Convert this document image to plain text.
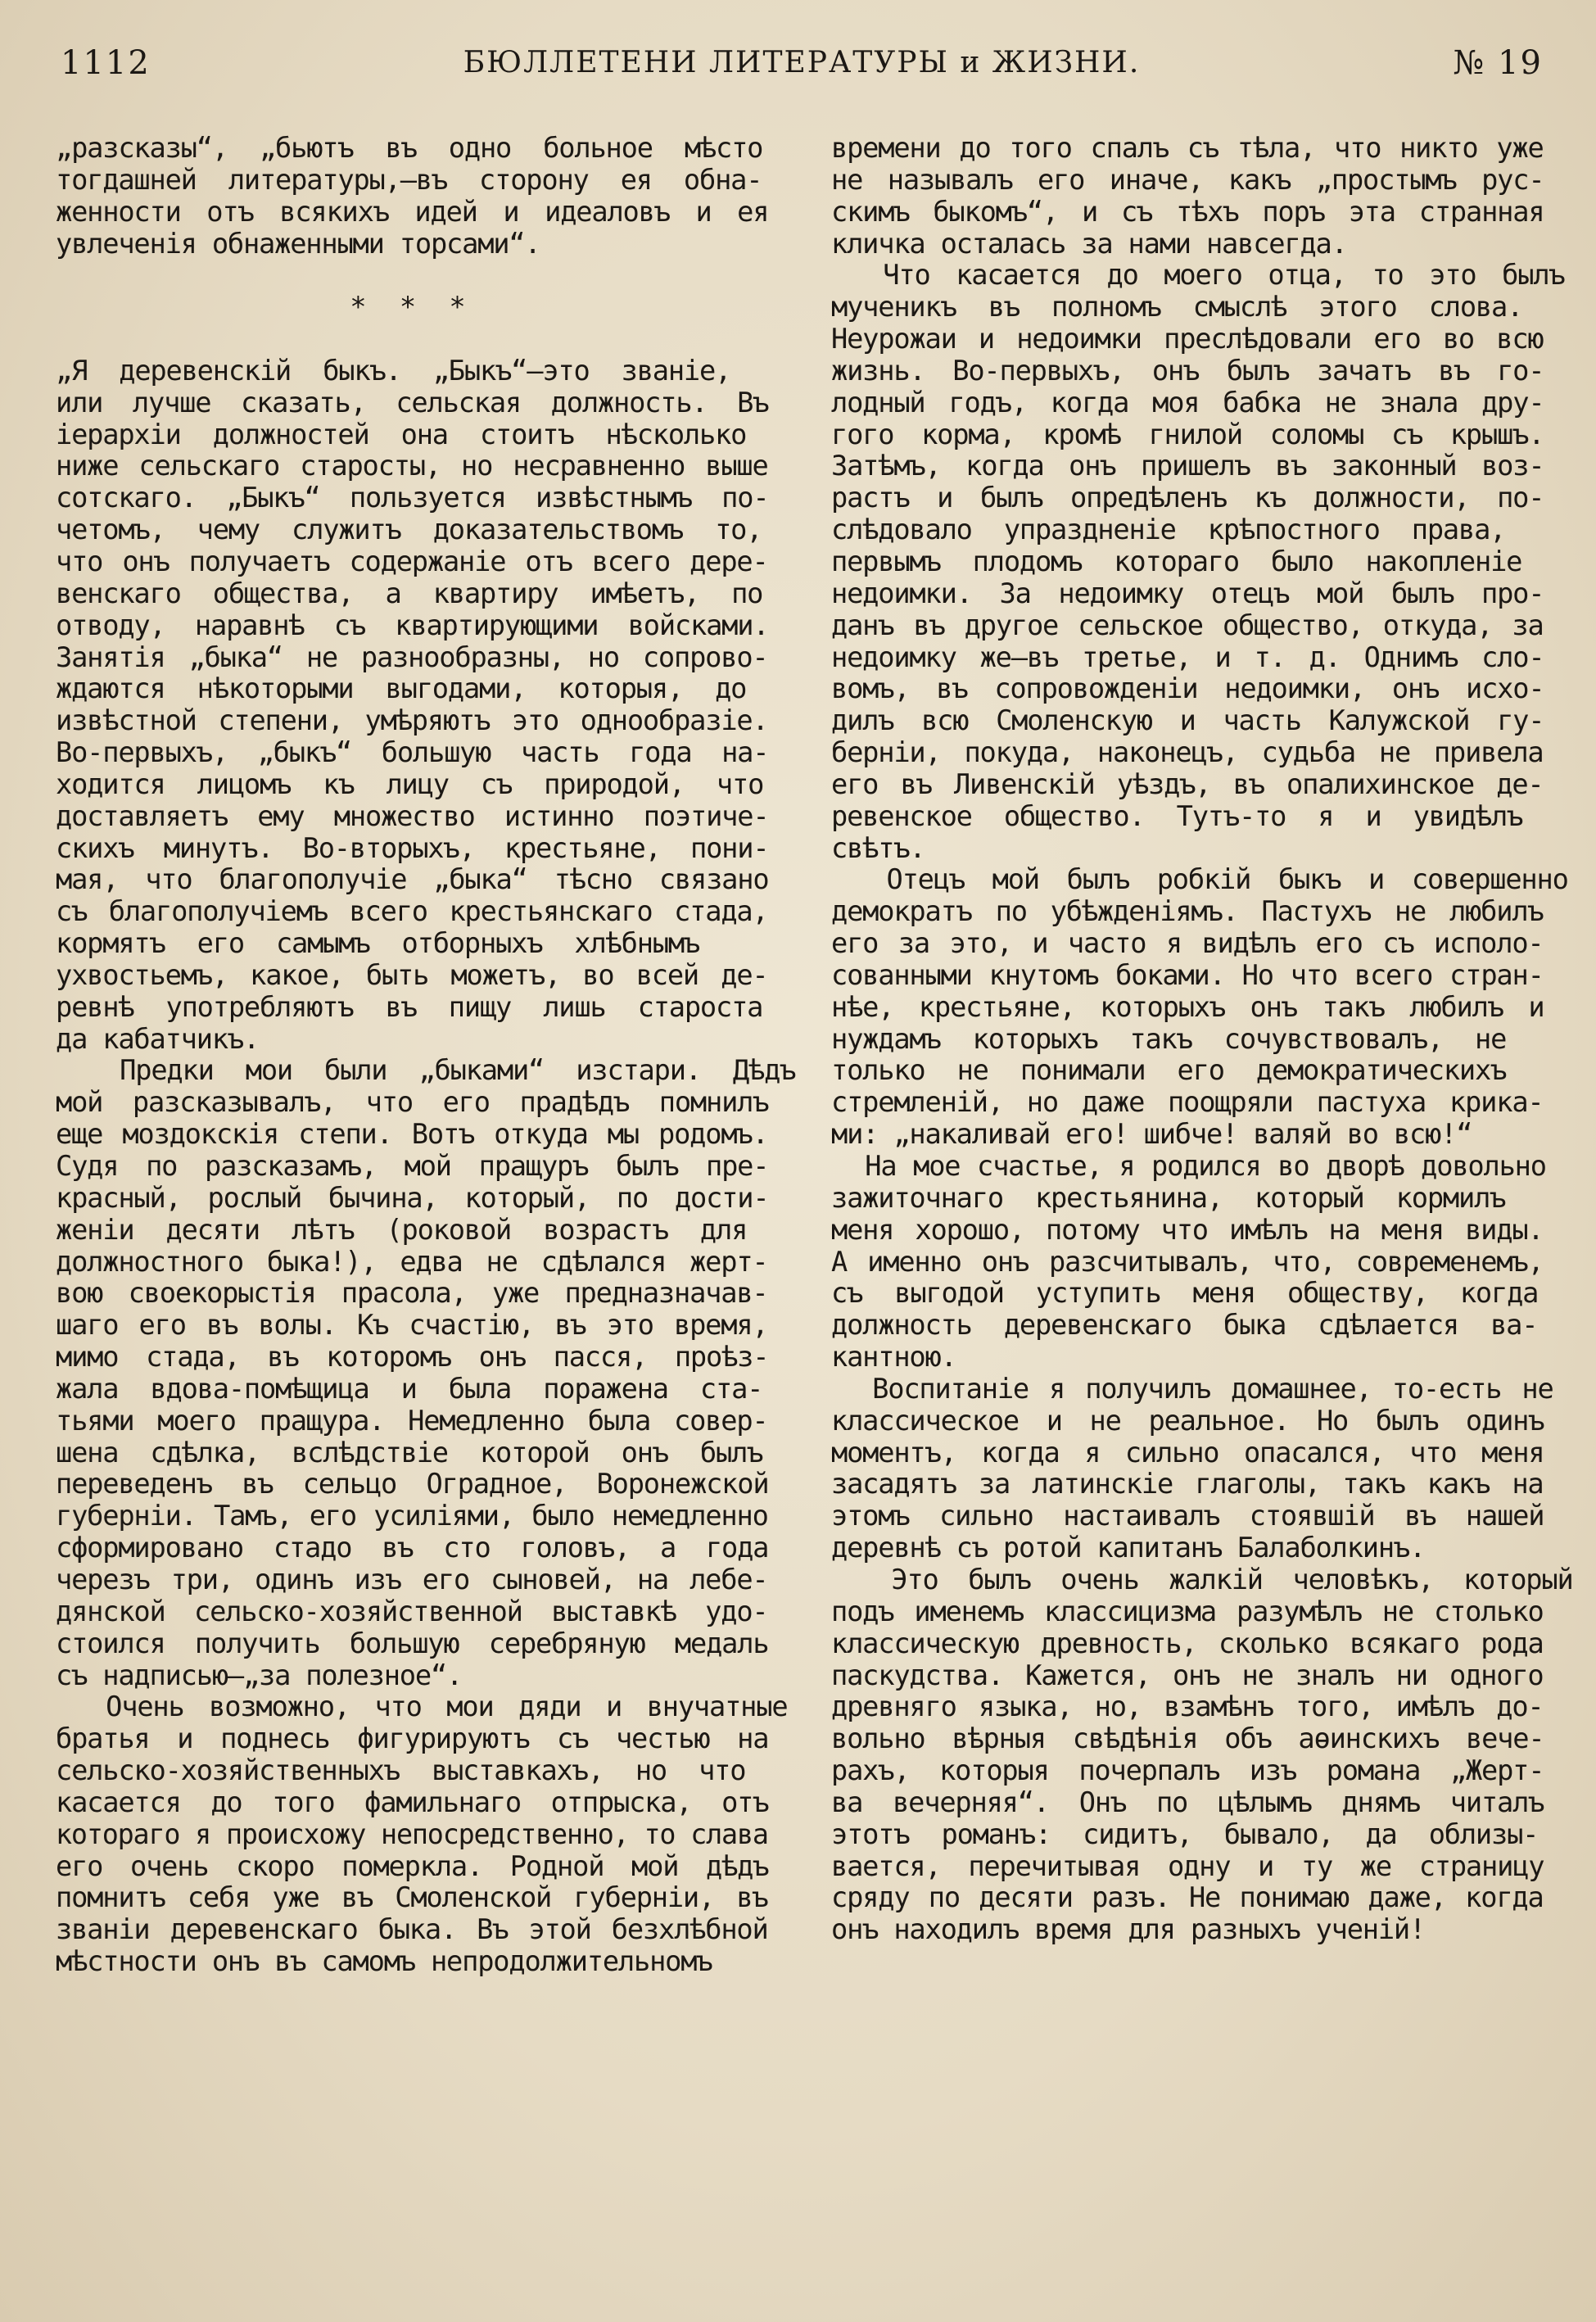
1112	БЮЛЛЕТЕНИ ЛИТЕРАТУРЫ и ЖИЗНИ.	№ 19
„разсказы“, „бьютъ въ одно больное мѣсто
тогдашней литературы,—въ сторону ея обна-
женности отъ всякихъ идей и идеаловъ и ея
увлеченія обнаженными торсами“.
* * *
„Я деревенскій быкъ. „Быкъ“—это званіе,
или лучше сказать, сельская должность. Въ
іерархіи должностей она стоитъ нѣсколько
ниже сельскаго старосты, но несравненно выше
сотскаго. „Быкъ“ пользуется извѣстнымъ по-
четомъ, чему служитъ доказательствомъ то,
что онъ получаетъ содержаніе отъ всего дере-
венскаго общества, а квартиру имѣетъ, по
отводу, наравнѣ съ квартирующими войсками.
Занятія „быка“ не разнообразны, но сопрово-
ждаются нѣкоторыми выгодами, которыя, до
извѣстной степени, умѣряютъ это однообразіе.
Во-первыхъ, „быкъ“ большую часть года на-
ходится лицомъ къ лицу съ природой, что
доставляетъ ему множество истинно поэтиче-
скихъ минутъ. Во-вторыхъ, крестьяне, пони-
мая, что благополучіе „быка“ тѣсно связано
съ благополучіемъ всего крестьянскаго стада,
кормятъ его самымъ отборныхъ хлѣбнымъ
ухвостьемъ, какое, быть можетъ, во всей де-
ревнѣ употребляютъ въ пищу лишь староста
да кабатчикъ.
Предки мои были „быками“ изстари. Дѣдъ
мой разсказывалъ, что его прадѣдъ помнилъ
еще моздокскія степи. Вотъ откуда мы родомъ.
Судя по разсказамъ, мой пращуръ былъ пре-
красный, рослый бычина, который, по дости-
женіи десяти лѣтъ (роковой возрастъ для
должностного быка!), едва не сдѣлался жерт-
вою своекорыстія прасола, уже предназначав-
шаго его въ волы. Къ счастію, въ это время,
мимо стада, въ которомъ онъ пасся, проѣз-
жала вдова-помѣщица и была поражена ста-
тьями моего пращура. Немедленно была совер-
шена сдѣлка, вслѣдствіе которой онъ былъ
переведенъ въ сельцо Оградное, Воронежской
губерніи. Тамъ, его усиліями, было немедленно
сформировано стадо въ сто головъ, а года
черезъ три, одинъ изъ его сыновей, на лебе-
дянской сельско-хозяйственной выставкѣ удо-
стоился получить большую серебряную медаль
съ надписью—„за полезное“.
Очень возможно, что мои дяди и внучатные
братья и поднесь фигурируютъ съ честью на
сельско-хозяйственныхъ выставкахъ, но что
касается до того фамильнаго отпрыска, отъ
котораго я происхожу непосредственно, то слава
его очень скоро померкла. Родной мой дѣдъ
помнитъ себя уже въ Смоленской губерніи, въ
званіи деревенскаго быка. Въ этой безхлѣбной
мѣстности онъ въ самомъ непродолжительномъ
времени до того спалъ съ тѣла, что никто уже
не называлъ его иначе, какъ „простымъ рус-
скимъ быкомъ“, и съ тѣхъ поръ эта странная
кличка осталась за нами навсегда.
Что касается до моего отца, то это былъ
мученикъ въ полномъ смыслѣ этого слова.
Неурожаи и недоимки преслѣдовали его во всю
жизнь. Во-первыхъ, онъ былъ зачатъ въ го-
лодный годъ, когда моя бабка не знала дру-
гого корма, кромѣ гнилой соломы съ крышъ.
Затѣмъ, когда онъ пришелъ въ законный воз-
растъ и былъ опредѣленъ къ должности, по-
слѣдовало упраздненіе крѣпостного права,
первымъ плодомъ котораго было накопленіе
недоимки. За недоимку отецъ мой былъ про-
данъ въ другое сельское общество, откуда, за
недоимку же—въ третье, и т. д. Однимъ сло-
вомъ, въ сопровожденіи недоимки, онъ исхо-
дилъ всю Смоленскую и часть Калужской гу-
берніи, покуда, наконецъ, судьба не привела
его въ Ливенскій уѣздъ, въ опалихинское де-
ревенское общество. Тутъ-то я и увидѣлъ
свѣтъ.
Отецъ мой былъ робкій быкъ и совершенно
демократъ по убѣжденіямъ. Пастухъ не любилъ
его за это, и часто я видѣлъ его съ исполо-
сованными кнутомъ боками. Но что всего стран-
нѣе, крестьяне, которыхъ онъ такъ любилъ и
нуждамъ которыхъ такъ сочувствовалъ, не
только не понимали его демократическихъ
стремленій, но даже поощряли пастуха крика-
ми: „накаливай его! шибче! валяй во всю!“
На мое счастье, я родился во дворѣ довольно
зажиточнаго крестьянина, который кормилъ
меня хорошо, потому что имѣлъ на меня виды.
А именно онъ разсчитывалъ, что, современемъ,
съ выгодой уступить меня обществу, когда
должность деревенскаго быка сдѣлается ва-
кантною.
Воспитаніе я получилъ домашнее, то-есть не
классическое и не реальное. Но былъ одинъ
моментъ, когда я сильно опасался, что меня
засадятъ за латинскіе глаголы, такъ какъ на
этомъ сильно настаивалъ стоявшій въ нашей
деревнѣ съ ротой капитанъ Балаболкинъ.
Это былъ очень жалкій человѣкъ, который
подъ именемъ классицизма разумѣлъ не столько
классическую древность, сколько всякаго рода
паскудства. Кажется, онъ не зналъ ни одного
древняго языка, но, взамѣнъ того, имѣлъ до-
вольно вѣрныя свѣдѣнія объ аѳинскихъ вече-
рахъ, которыя почерпалъ изъ романа „Жерт-
ва вечерняя“. Онъ по цѣлымъ днямъ читалъ
этотъ романъ: сидитъ, бывало, да облизы-
вается, перечитывая одну и ту же страницу
сряду по десяти разъ. Не понимаю даже, когда
онъ находилъ время для разныхъ ученій!
